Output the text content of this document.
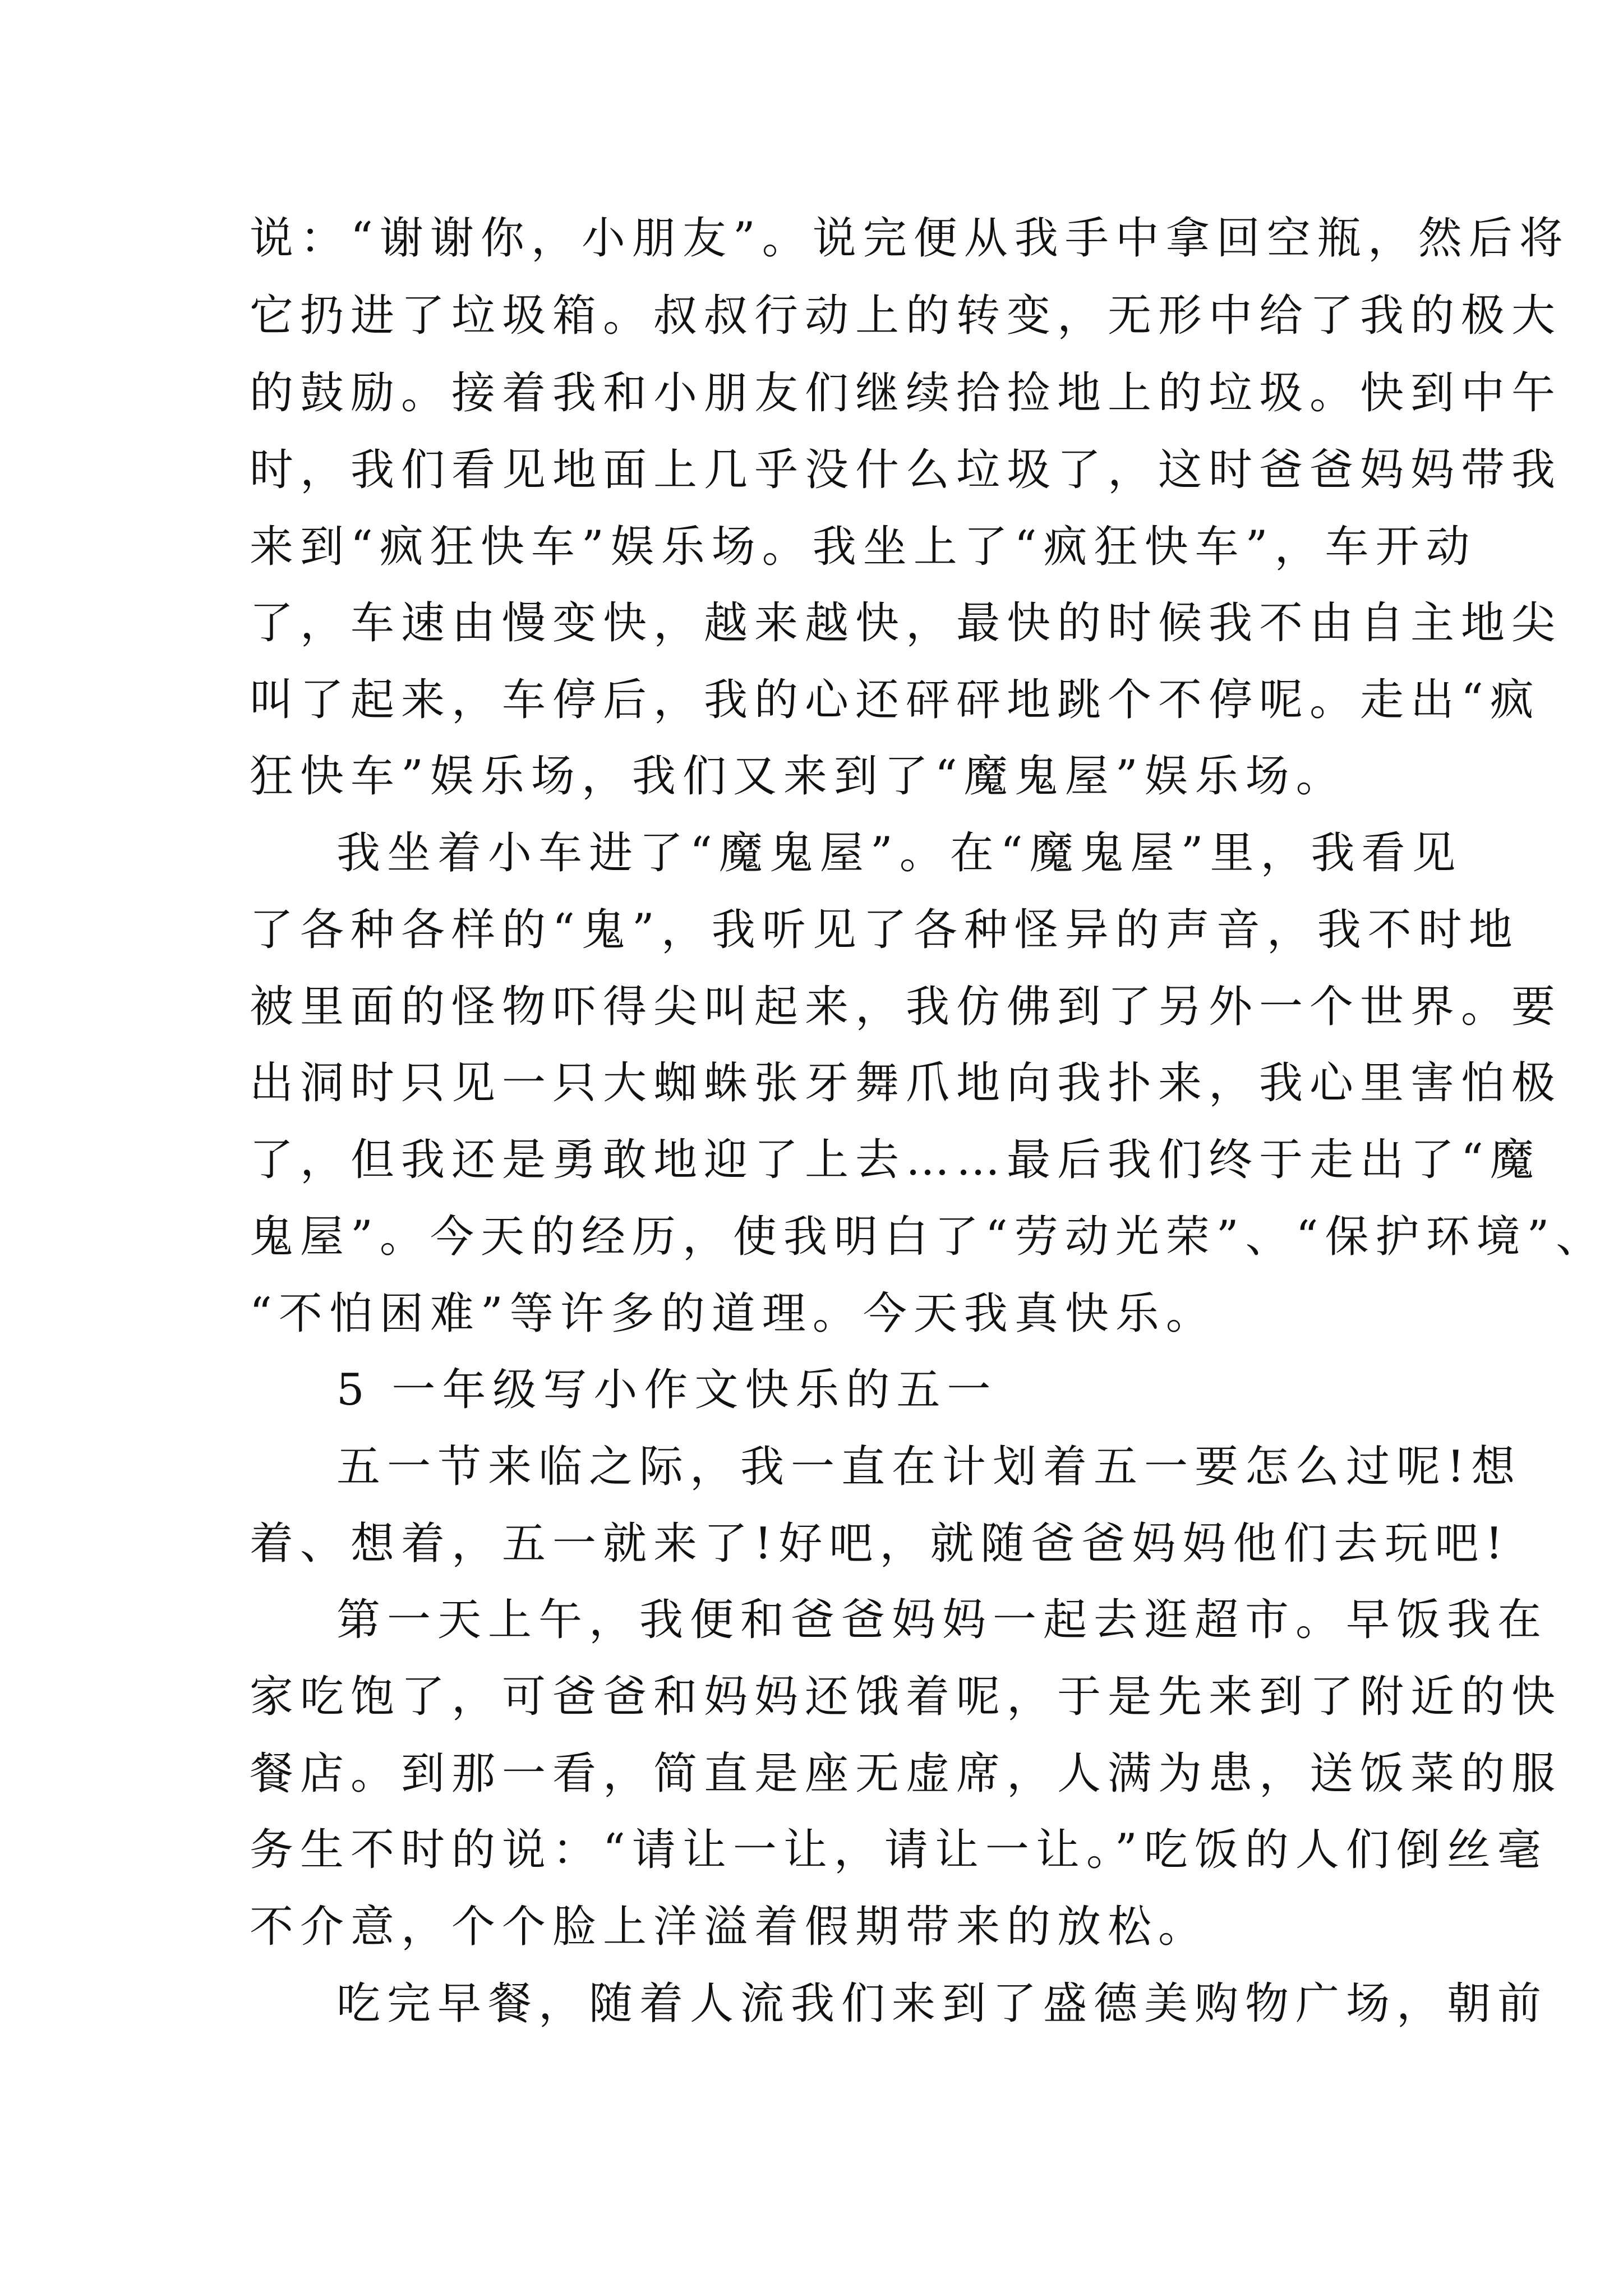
说：“谢谢你，小朋友”。说完便从我手中拿回空瓶，然后将
它扔进了垃圾箱。叔叔行动上的转变，无形中给了我的极大
的鼓励。接着我和小朋友们继续拾捡地上的垃圾。快到中午
时，我们看见地面上几乎没什么垃圾了，这时爸爸妈妈带我
来到“疯狂快车”娱乐场。我坐上了“疯狂快车”，车开动
了，车速由慢变快，越来越快，最快的时候我不由自主地尖
叫了起来，车停后，我的心还砰砰地跳个不停呢。走出“疯
狂快车”娱乐场，我们又来到了“魔鬼屋”娱乐场。
我坐着小车进了“魔鬼屋”。在“魔鬼屋”里，我看见
了各种各样的“鬼”，我听见了各种怪异的声音，我不时地
被里面的怪物吓得尖叫起来，我仿佛到了另外一个世界。要
出洞时只见一只大蜘蛛张牙舞爪地向我扑来，我心里害怕极
了，但我还是勇敢地迎了上去……最后我们终于走出了“魔
鬼屋”。今天的经历，使我明白了“劳动光荣”、“保护环境”、
“不怕困难”等许多的道理。今天我真快乐。
5 一年级写小作文快乐的五一
五一节来临之际，我一直在计划着五一要怎么过呢!想
着、想着，五一就来了!好吧，就随爸爸妈妈他们去玩吧!
第一天上午，我便和爸爸妈妈一起去逛超市。早饭我在
家吃饱了，可爸爸和妈妈还饿着呢，于是先来到了附近的快
餐店。到那一看，简直是座无虚席，人满为患，送饭菜的服
务生不时的说：“请让一让，请让一让。”吃饭的人们倒丝毫
不介意，个个脸上洋溢着假期带来的放松。
吃完早餐，随着人流我们来到了盛德美购物广场，朝前
